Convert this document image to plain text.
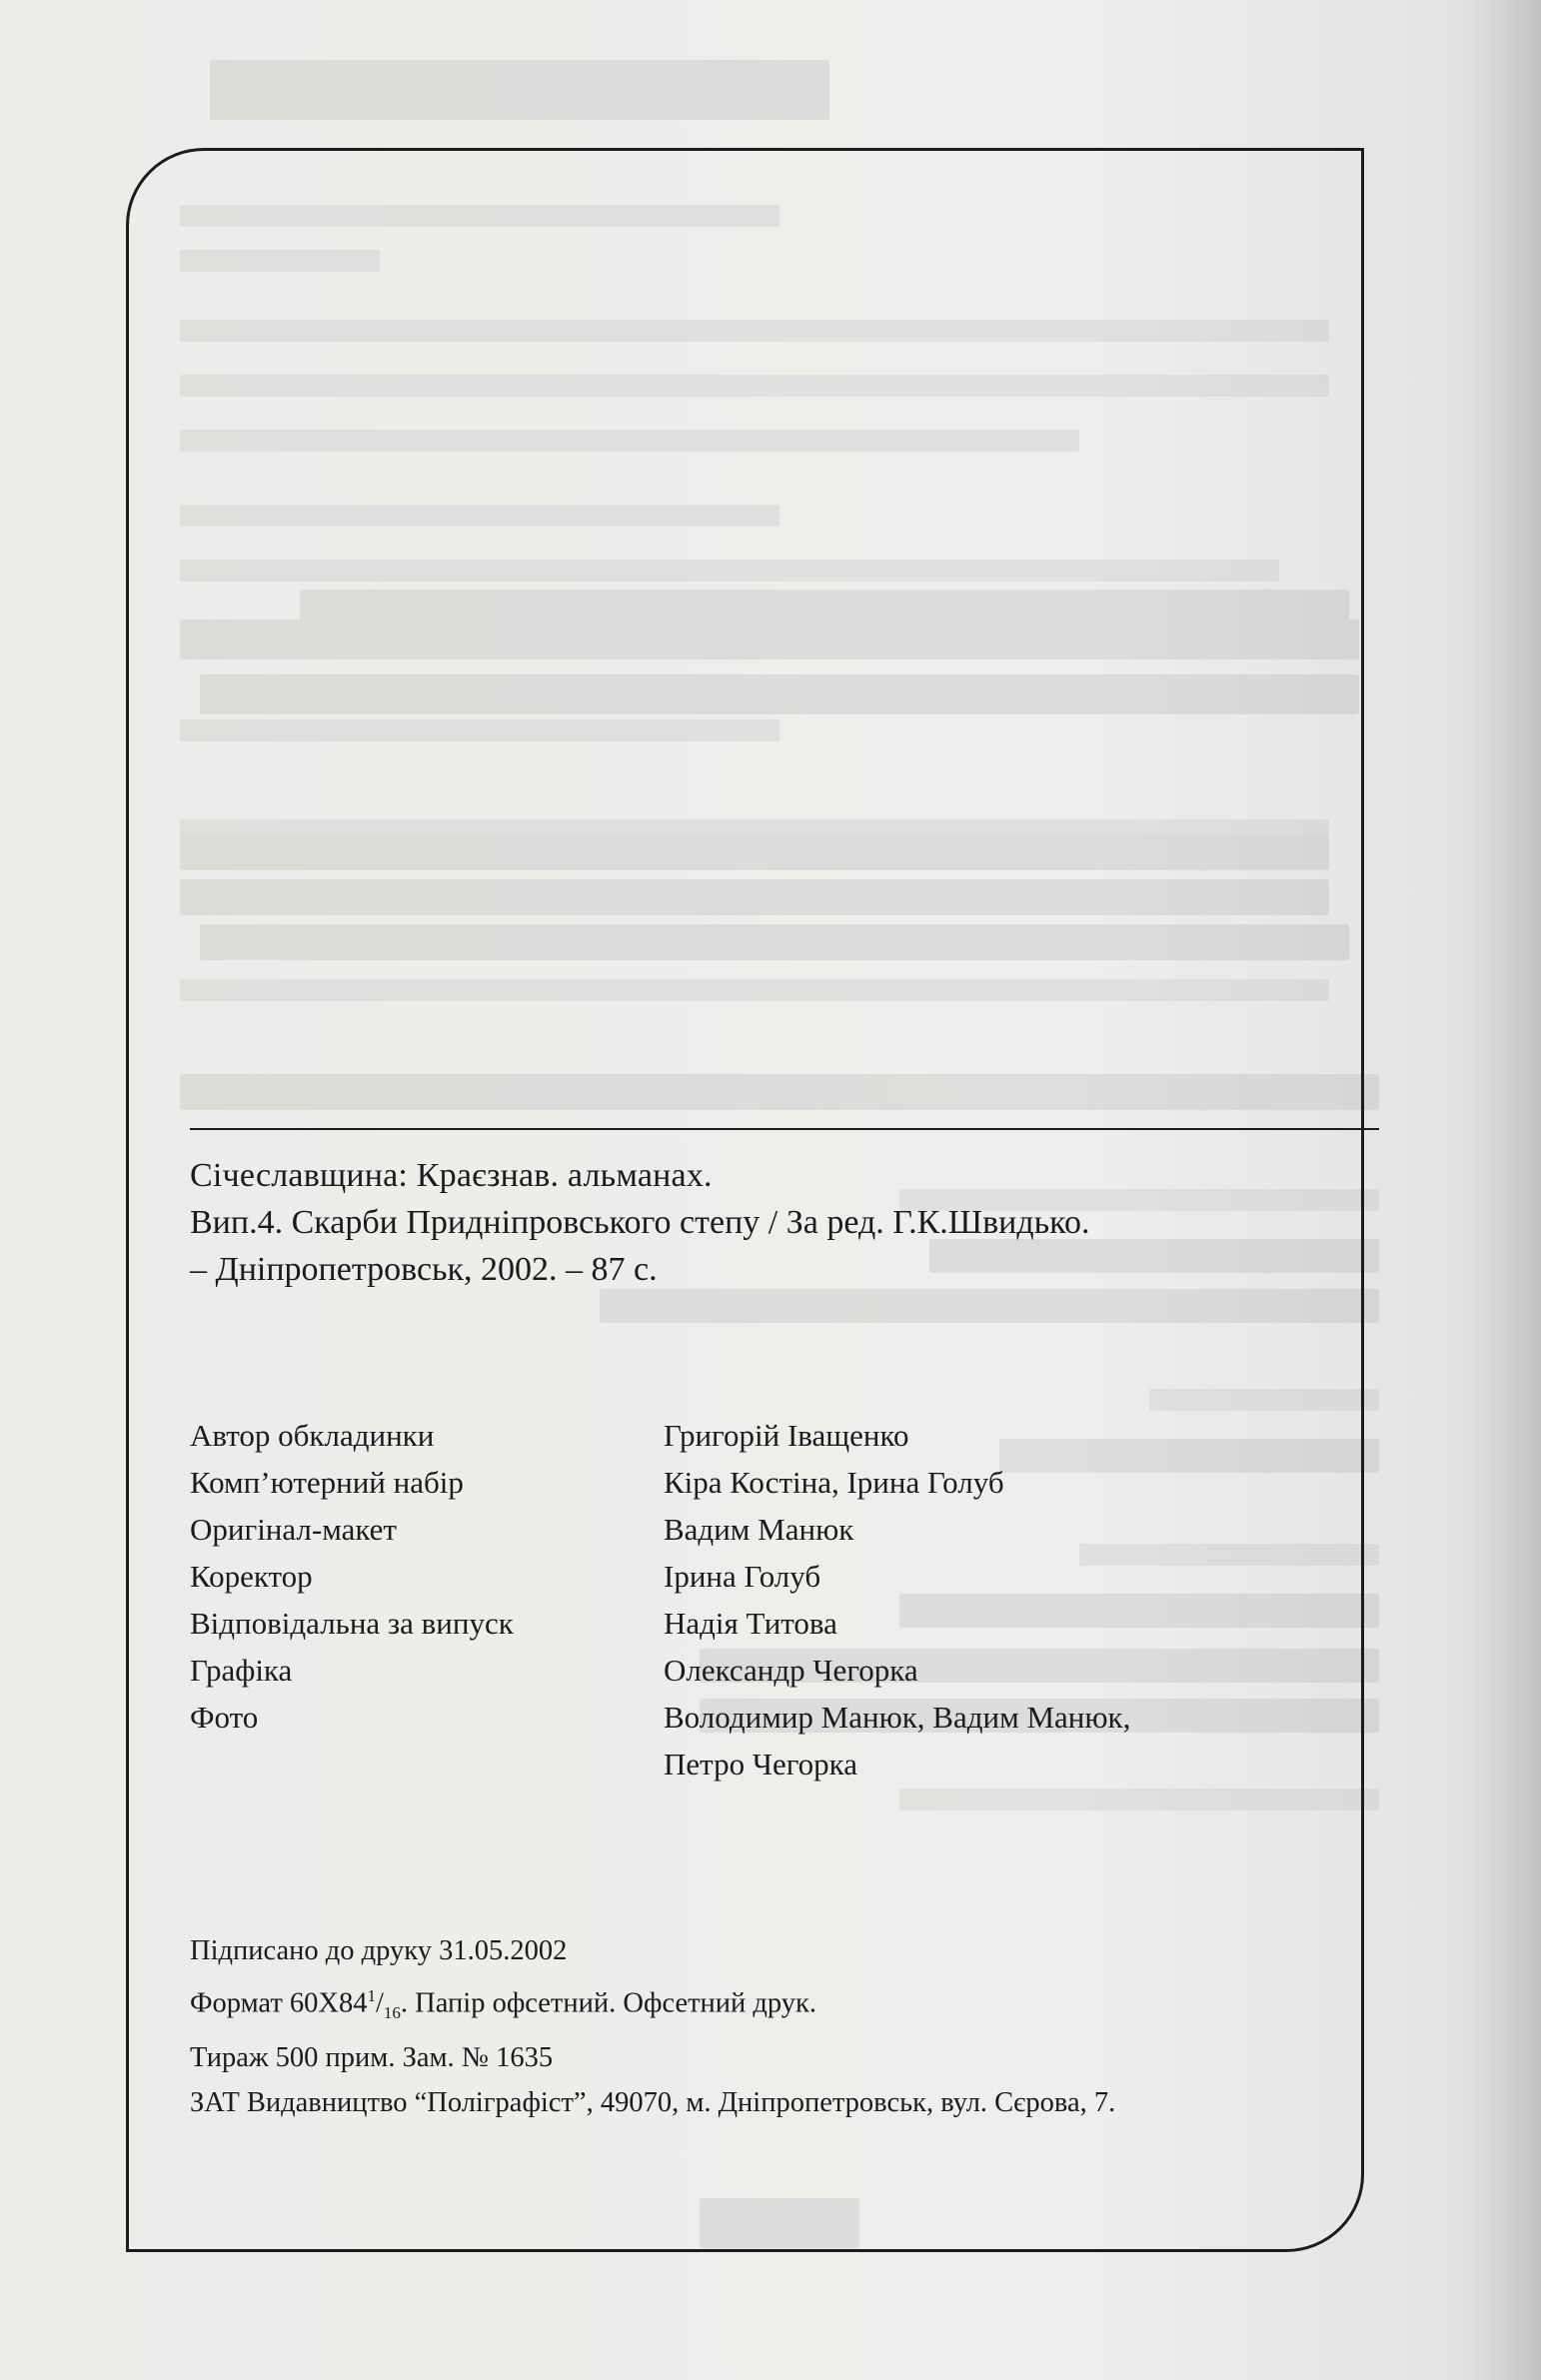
Січеславщина: Краєзнав. альманах.
Вип.4. Скарби Придніпровського степу / За ред. Г.К.Швидько.
– Дніпропетровськ, 2002. – 87 с.
Автор обкладинки	Григорій Іващенко
Комп’ютерний набір	Кіра Костіна, Ірина Голуб
Оригінал-макет	Вадим Манюк
Коректор	Ірина Голуб
Відповідальна за випуск	Надія Титова
Графіка	Олександр Чегорка
Фото	Володимир Манюк, Вадим Манюк,
Петро Чегорка
Підписано до друку 31.05.2002
Формат $60Х84^1/_{16}$. Папір офсетний. Офсетний друк.
Тираж 500 прим. Зам. № 1635
ЗАТ Видавництво “Поліграфіст”, 49070, м. Дніпропетровськ, вул. Сєрова, 7.
